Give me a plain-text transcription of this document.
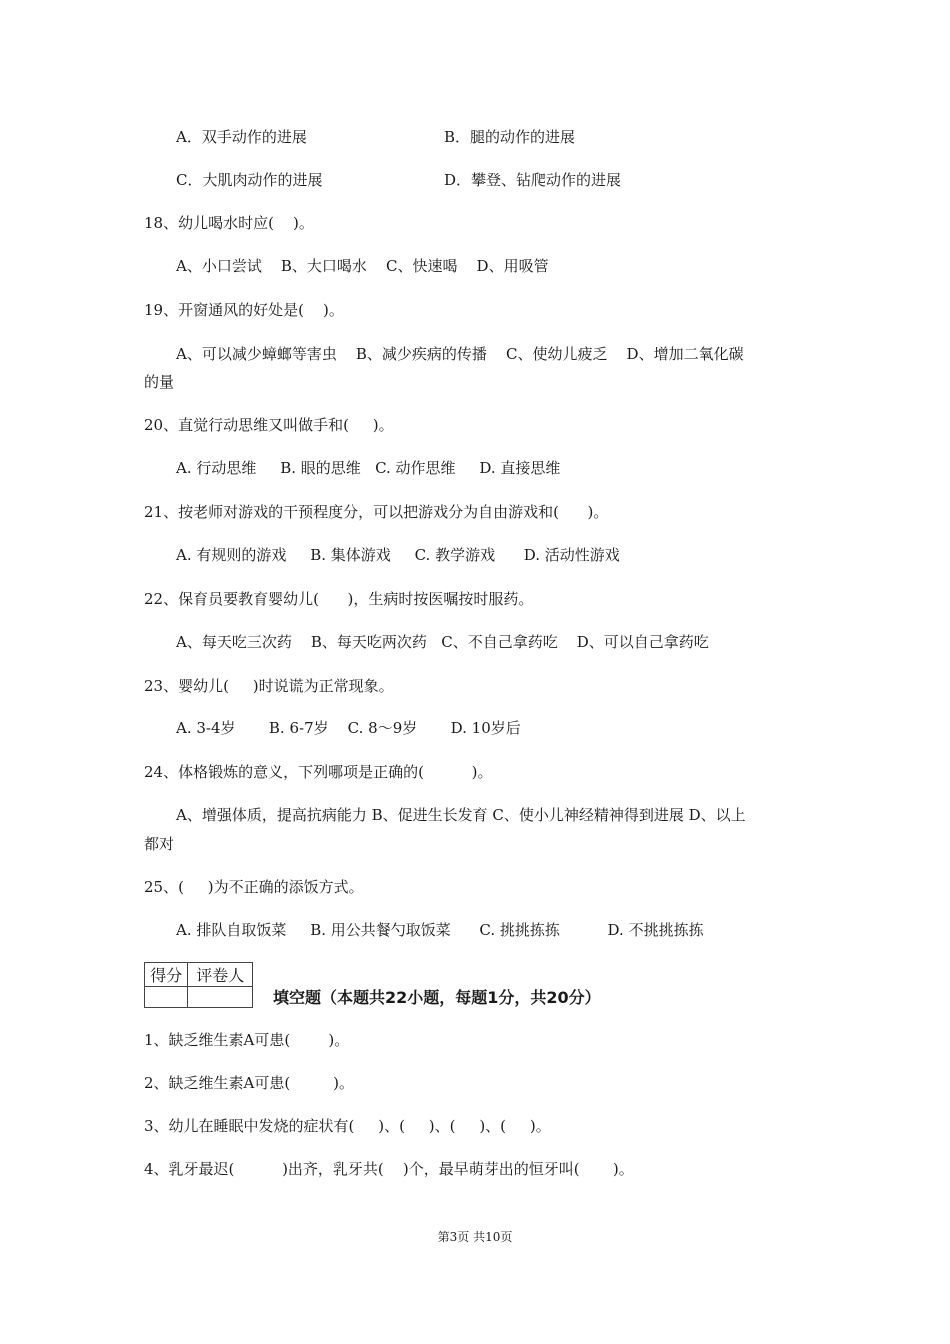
A．双手动作的进展	B．腿的动作的进展
C．大肌肉动作的进展	D．攀登、钻爬动作的进展
18、幼儿喝水时应(    )。
A、小口尝试    B、大口喝水    C、快速喝    D、用吸管
19、开窗通风的好处是(    )。
A、可以减少蟑螂等害虫    B、减少疾病的传播    C、使幼儿疲乏    D、增加二氧化碳
的量
20、直觉行动思维又叫做手和(     )。
A. 行动思维     B. 眼的思维   C. 动作思维     D. 直接思维
21、按老师对游戏的干预程度分，可以把游戏分为自由游戏和(      )。
A. 有规则的游戏     B. 集体游戏     C. 教学游戏      D. 活动性游戏
22、保育员要教育婴幼儿(      )，生病时按医嘱按时服药。
A、每天吃三次药    B、每天吃两次药   C、不自己拿药吃    D、可以自己拿药吃
23、婴幼儿(     )时说谎为正常现象。
A. 3-4岁       B. 6-7岁    C. 8～9岁       D. 10岁后
24、体格锻炼的意义，下列哪项是正确的(          )。
A、增强体质，提高抗病能力 B、促进生长发育 C、使小儿神经精神得到进展 D、以上
都对
25、(     )为不正确的添饭方式。
A. 排队自取饭菜     B. 用公共餐勺取饭菜      C. 挑挑拣拣          D. 不挑挑拣拣
得分	评卷人

填空题（本题共22小题，每题1分，共20分）
1、缺乏维生素A可患(        )。
2、缺乏维生素A可患(         )。
3、幼儿在睡眠中发烧的症状有(     )、(     )、(     )、(     )。
4、乳牙最迟(          )出齐，乳牙共(    )个，最早萌芽出的恒牙叫(       )。
第3页 共10页
